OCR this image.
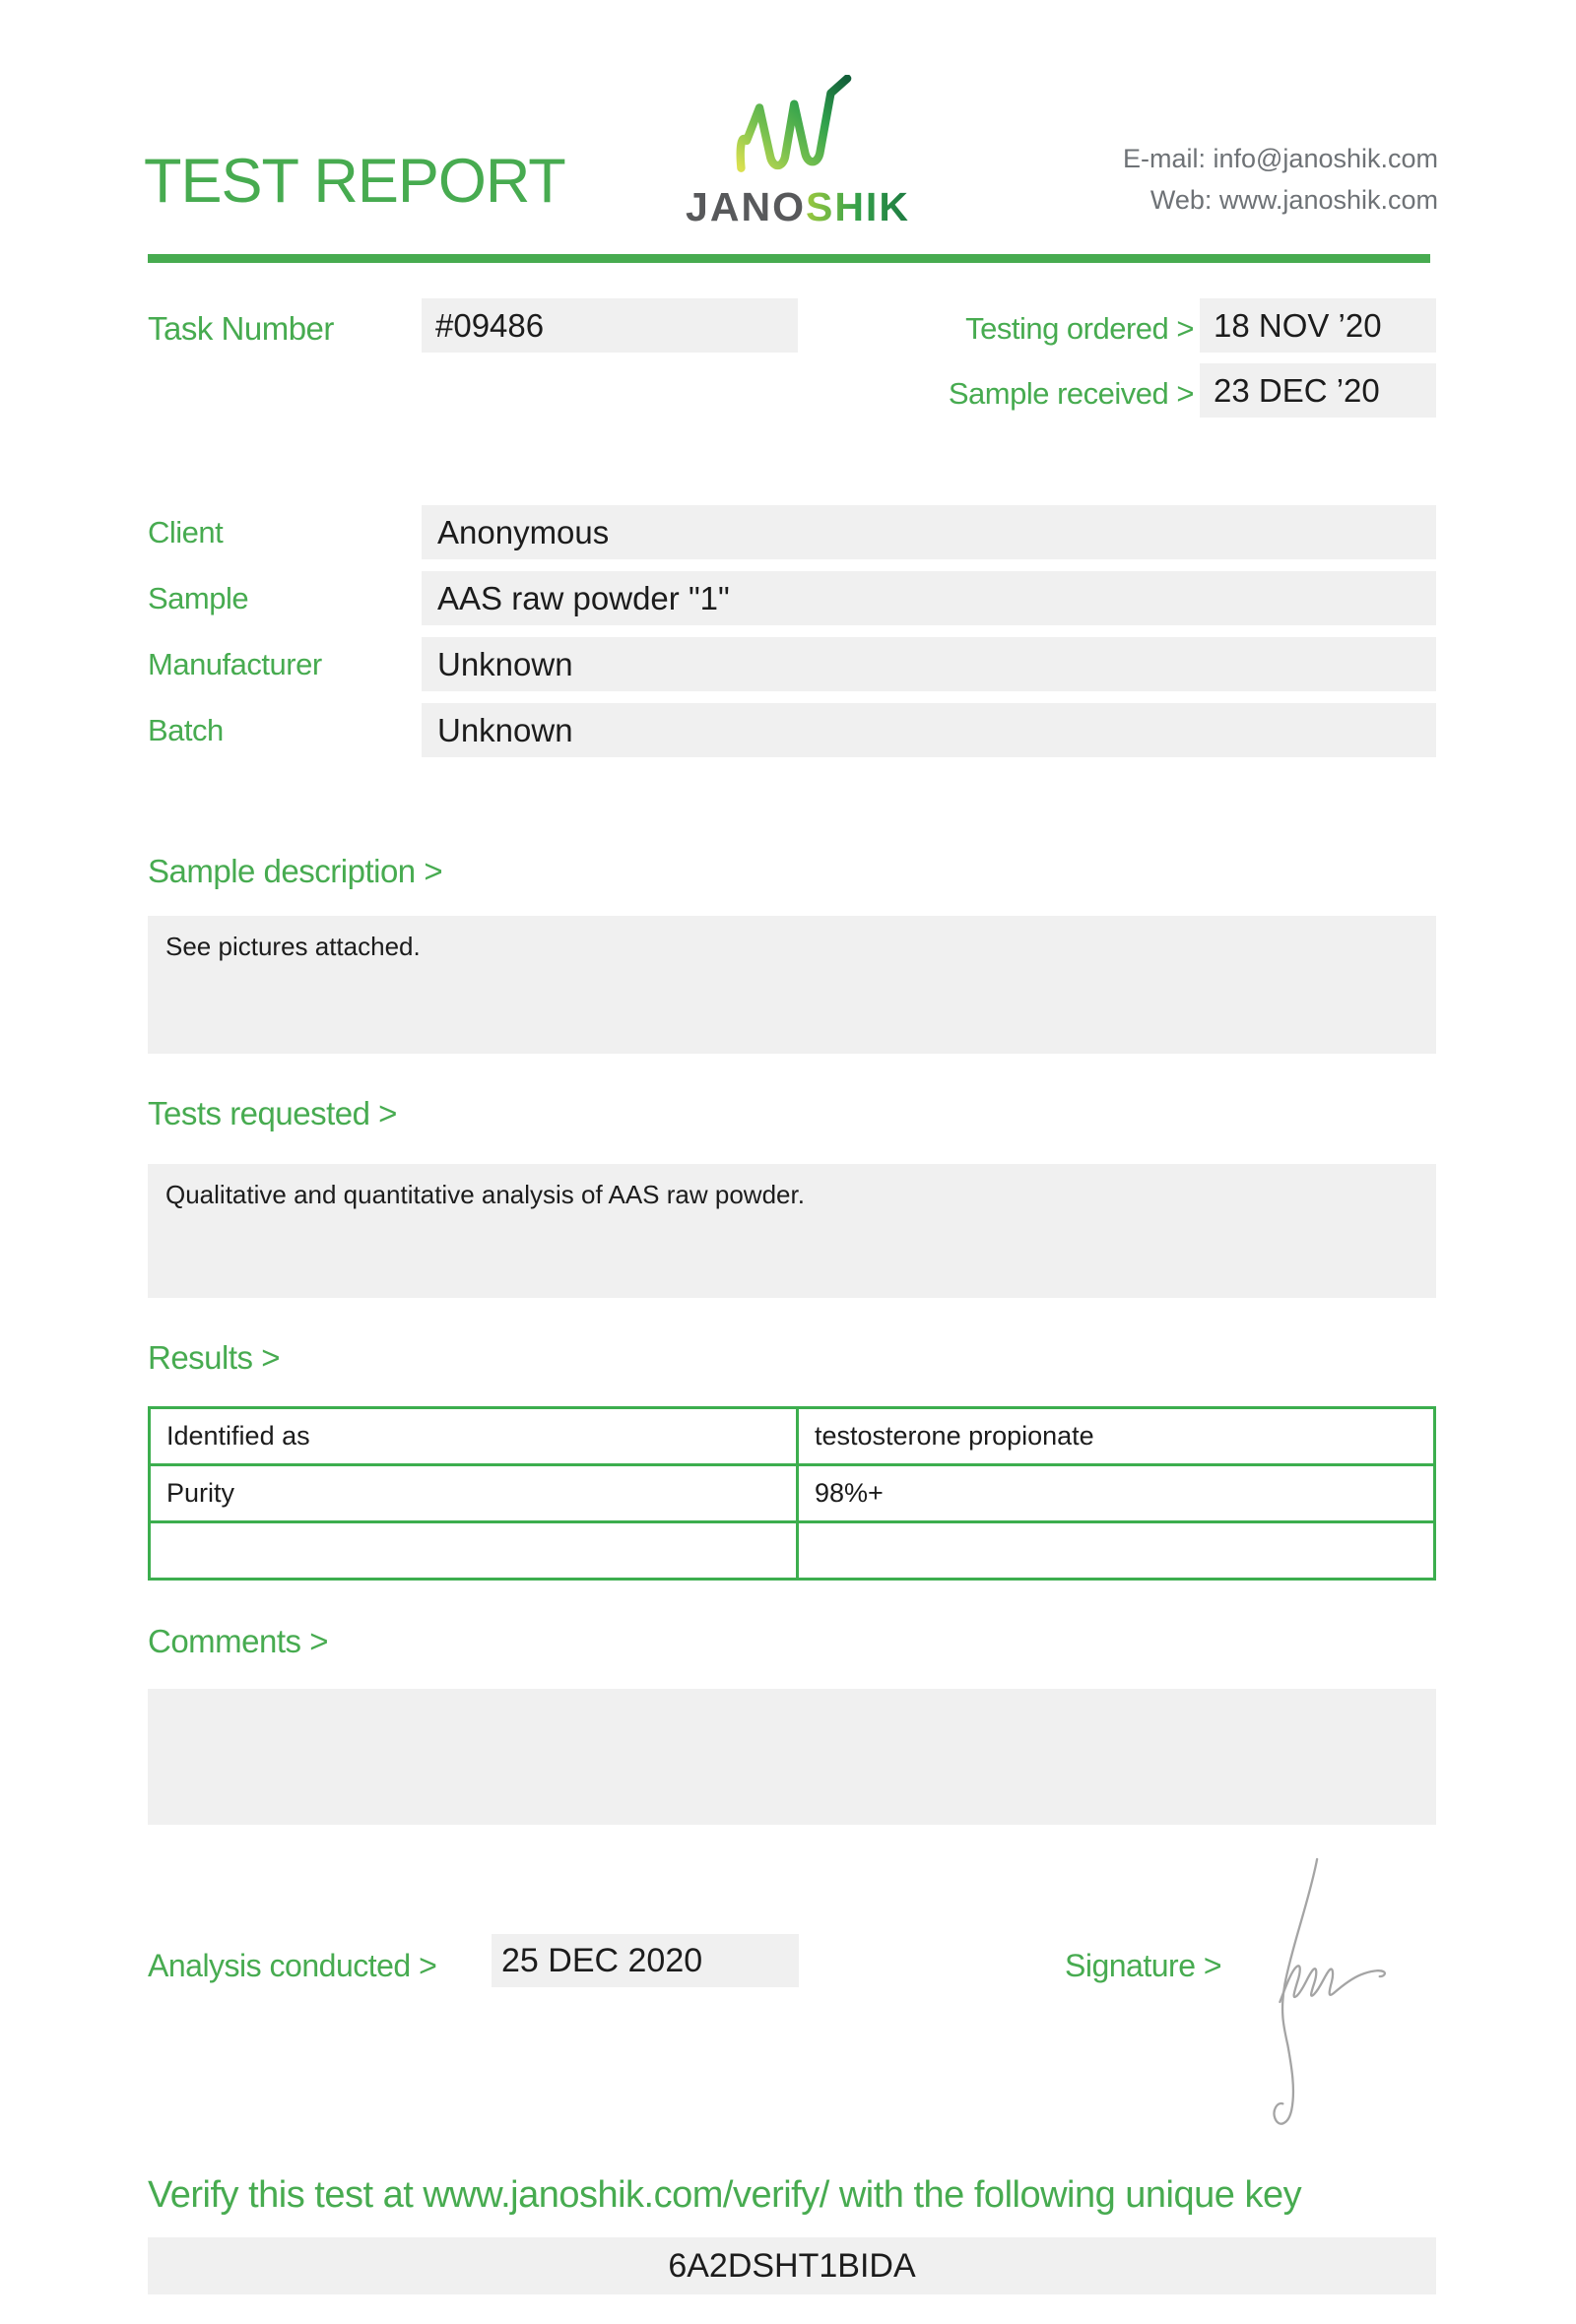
TEST REPORT	JANOSHIK
E-mail: info@janoshik.com
Web: www.janoshik.com
Task Number	#09486	Testing ordered > 18 NOV ’20
Sample received > 23 DEC ’20
Client	Anonymous
Sample	AAS raw powder "1"
Manufacturer	Unknown
Batch	Unknown
Sample description >
See pictures attached.
Tests requested >
Qualitative and quantitative analysis of AAS raw powder.
Results >
Identified as	testosterone propionate
Purity	98%+

Comments >
Analysis conducted > 25 DEC 2020	Signature >
Verify this test at www.janoshik.com/verify/ with the following unique key
6A2DSHT1BIDA
